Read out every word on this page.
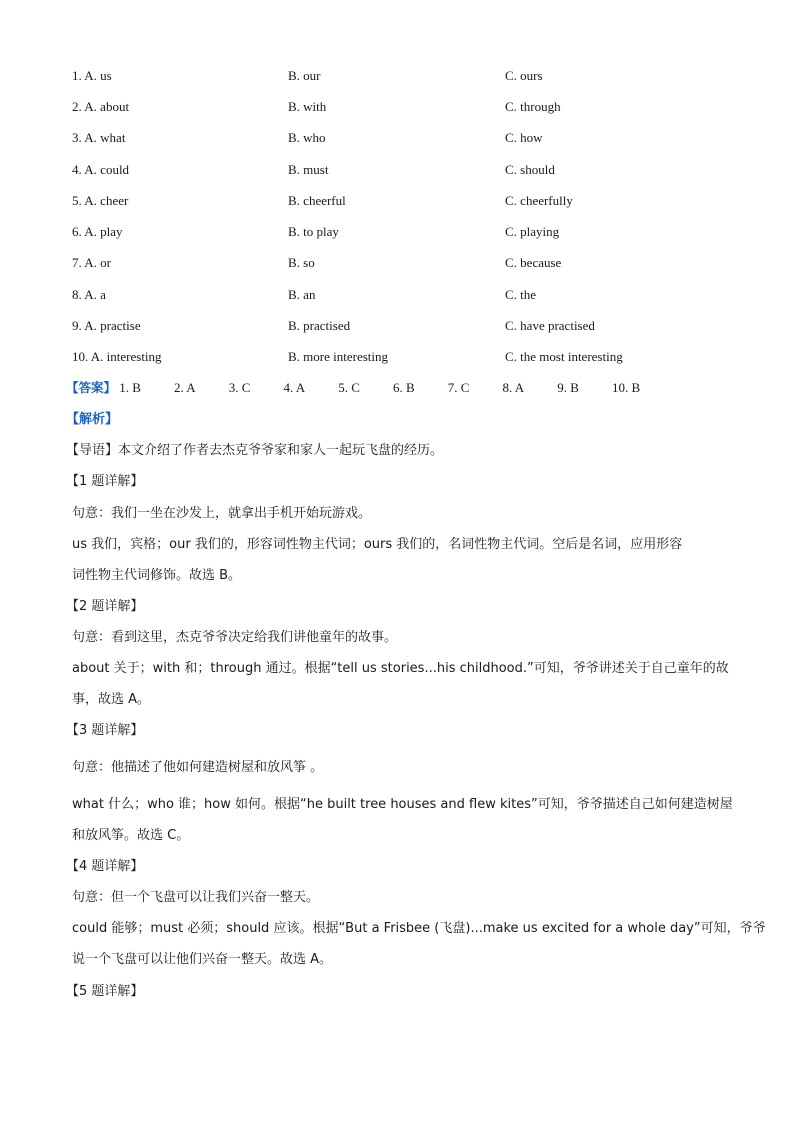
1. A. us	B. our	C. ours
2. A. about	B. with	C. through
3. A. what	B. who	C. how
4. A. could	B. must	C. should
5. A. cheer	B. cheerful	C. cheerfully
6. A. play	B. to play	C. playing
7. A. or	B. so	C. because
8. A. a	B. an	C. the
9. A. practise	B. practised	C. have practised
10. A. interesting	B. more interesting	C. the most interesting
【答案】 1. B	2. A	3. C	4. A	5. C	6. B	7. C	8. A	9. B	10. B
【解析】
【导语】本文介绍了作者去杰克爷爷家和家人一起玩飞盘的经历。
【1 题详解】
句意：我们一坐在沙发上，就拿出手机开始玩游戏。
us 我们，宾格；our 我们的，形容词性物主代词；ours 我们的，名词性物主代词。空后是名词，应用形容
词性物主代词修饰。故选 B。
【2 题详解】
句意：看到这里，杰克爷爷决定给我们讲他童年的故事。
about 关于；with 和；through 通过。根据“tell us stories...his childhood.”可知，爷爷讲述关于自己童年的故
事，故选 A。
【3 题详解】
句意：他描述了他如何建造树屋和放风筝 。
what 什么；who 谁；how 如何。根据“he built tree houses and flew kites”可知，爷爷描述自己如何建造树屋
和放风筝。故选 C。
【4 题详解】
句意：但一个飞盘可以让我们兴奋一整天。
could 能够；must 必须；should 应该。根据“But a Frisbee (飞盘)...make us excited for a whole day”可知，爷爷
说一个飞盘可以让他们兴奋一整天。故选 A。
【5 题详解】
